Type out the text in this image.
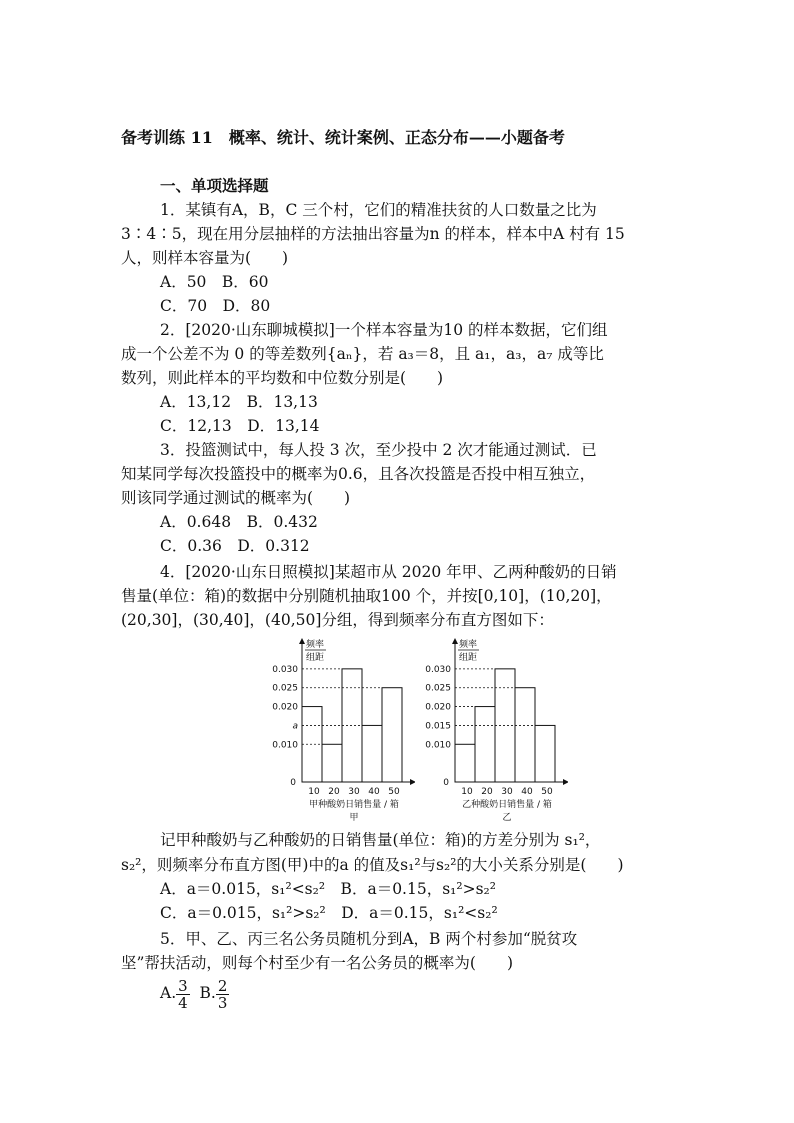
备考训练 11　概率、统计、统计案例、正态分布——小题备考
一、单项选择题
1．某镇有A，B，C 三个村，它们的精准扶贫的人口数量之比为
3∶4∶5，现在用分层抽样的方法抽出容量为n 的样本，样本中A 村有 15
人，则样本容量为(　　)
A．50　B．60
C．70　D．80
2．[2020·山东聊城模拟]一个样本容量为10 的样本数据，它们组
成一个公差不为 0 的等差数列{aₙ}，若 a₃＝8，且 a₁，a₃，a₇ 成等比
数列，则此样本的平均数和中位数分别是(　　)
A．13,12　B．13,13
C．12,13　D．13,14
3．投篮测试中，每人投 3 次，至少投中 2 次才能通过测试．已
知某同学每次投篮投中的概率为0.6，且各次投篮是否投中相互独立，
则该同学通过测试的概率为(　　)
A．0.648　B．0.432
C．0.36　D．0.312
4．[2020·山东日照模拟]某超市从 2020 年甲、乙两种酸奶的日销
售量(单位：箱)的数据中分别随机抽取100 个，并按[0,10]，(10,20]，
(20,30]，(30,40]，(40,50]分组，得到频率分布直方图如下：
频率
组距
0.030
0.025
0.020
a
0.010
0
10 20 30 40 50
甲种酸奶日销售量 / 箱
甲
频率
组距
0.030
0.025
0.020
0.015
0.010
0
10 20 30 40 50
乙种酸奶日销售量 / 箱
乙
记甲种酸奶与乙种酸奶的日销售量(单位：箱)的方差分别为 s₁²，
s₂²，则频率分布直方图(甲)中的a 的值及s₁²与s₂²的大小关系分别是(　　)
A．a＝0.015，s₁²<s₂²　B．a＝0.15，s₁²>s₂²
C．a＝0.015，s₁²>s₂²　D．a＝0.15，s₁²<s₂²
5．甲、乙、丙三名公务员随机分到A，B 两个村参加“脱贫攻
坚”帮扶活动，则每个村至少有一名公务员的概率为(　　)
A. $\frac{3}{4} B$. $\frac{2}{3}$
